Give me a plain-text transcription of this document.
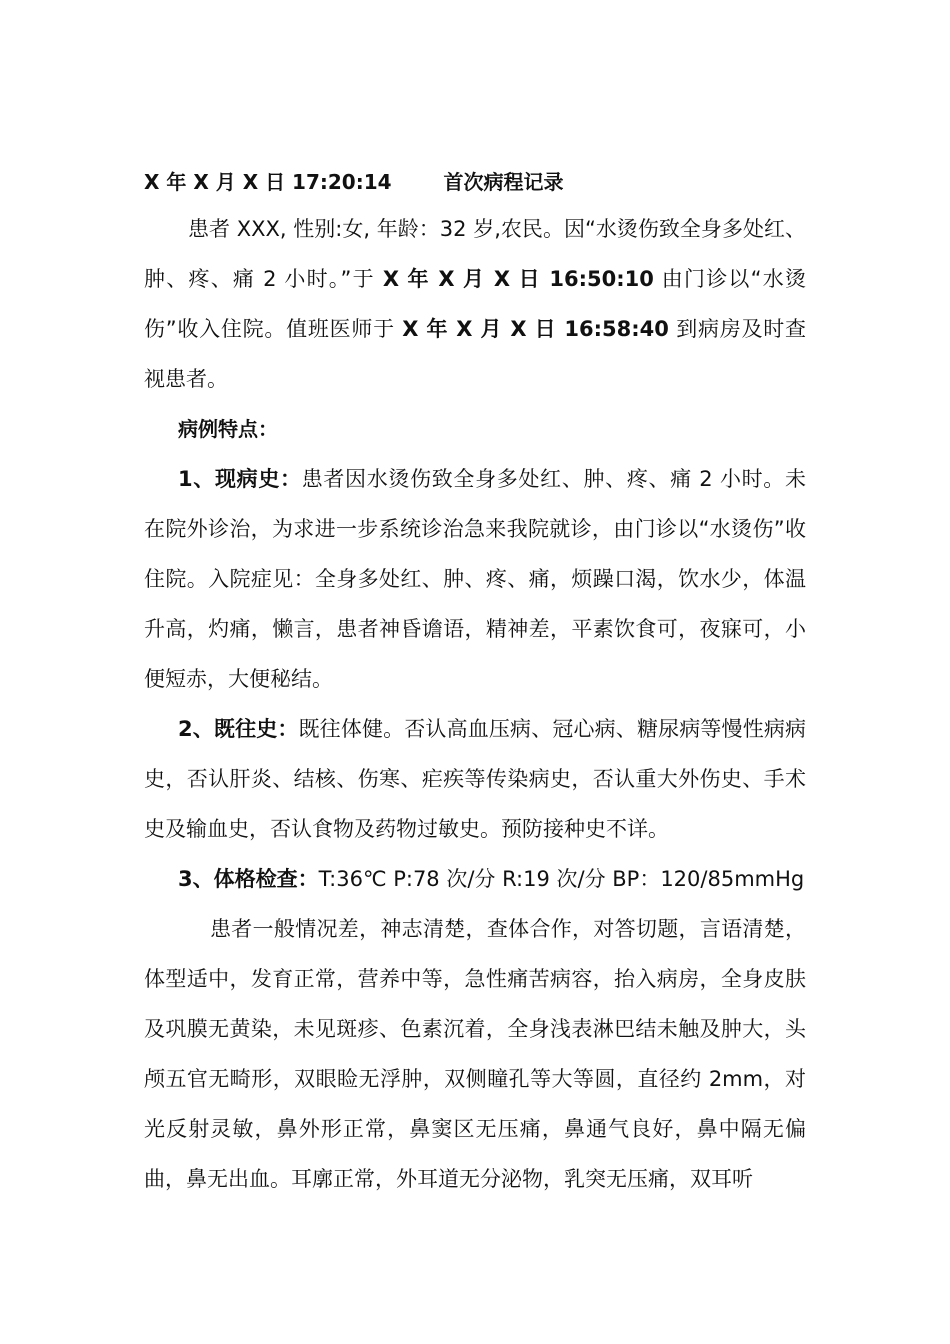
X 年 X 月 X 日 17:20:14	首次病程记录

患者 XXX, 性别:女, 年龄：32 岁,农民。因“水烫伤致全身多处红、肿、疼、痛 2 小时。”于 X 年 X 月 X 日 16:50:10 由门诊以“水烫伤”收入住院。值班医师于 X 年 X 月 X 日 16:58:40 到病房及时查视患者。

病例特点：

1、现病史：患者因水烫伤致全身多处红、肿、疼、痛 2 小时。未在院外诊治，为求进一步系统诊治急来我院就诊，由门诊以“水烫伤”收住院。入院症见：全身多处红、肿、疼、痛，烦躁口渴，饮水少，体温升高，灼痛，懒言，患者神昏谵语，精神差，平素饮食可，夜寐可，小便短赤，大便秘结。

2、既往史：既往体健。否认高血压病、冠心病、糖尿病等慢性病病史，否认肝炎、结核、伤寒、疟疾等传染病史，否认重大外伤史、手术史及输血史，否认食物及药物过敏史。预防接种史不详。

3、体格检查：T:36℃ P:78 次/分 R:19 次/分 BP：120/85mmHg

患者一般情况差，神志清楚，查体合作，对答切题，言语清楚，体型适中，发育正常，营养中等，急性痛苦病容，抬入病房，全身皮肤及巩膜无黄染，未见斑疹、色素沉着，全身浅表淋巴结未触及肿大，头颅五官无畸形，双眼睑无浮肿，双侧瞳孔等大等圆，直径约 2mm，对光反射灵敏，鼻外形正常，鼻窦区无压痛，鼻通气良好，鼻中隔无偏曲，鼻无出血。耳廓正常，外耳道无分泌物，乳突无压痛，双耳听
